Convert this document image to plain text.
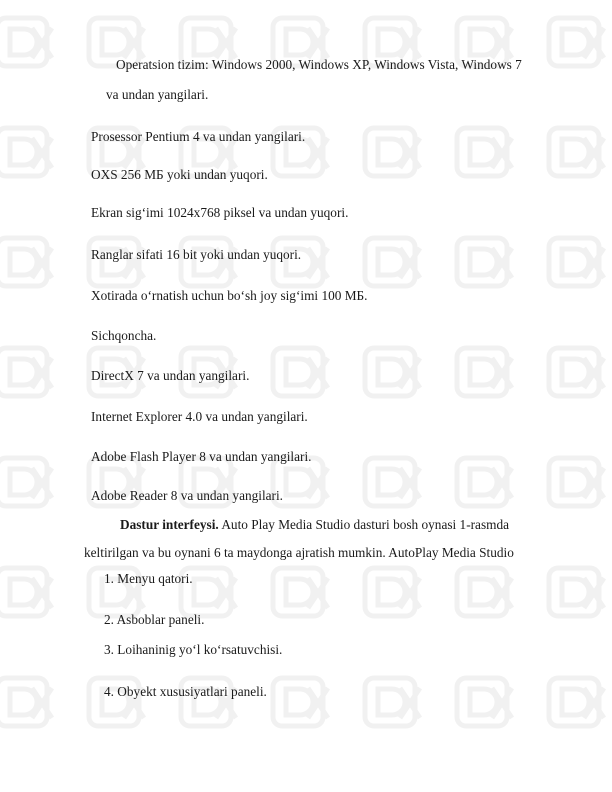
Operatsion tizim: Windows 2000, Windows XP, Windows Vista, Windows 7
va undan yangilari.
Prosessor Pentium 4 va undan yangilari.
OXS 256 MБ yoki undan yuqori.
Ekran sig‘imi 1024x768 piksel va undan yuqori.
Ranglar sifati 16 bit yoki undan yuqori.
Xotirada o‘rnatish uchun bo‘sh joy sig‘imi 100 MБ.
Sichqoncha.
DirectX 7 va undan yangilari.
Internet Explorer 4.0 va undan yangilari.
Adobe Flash Player 8 va undan yangilari.
Adobe Reader 8 va undan yangilari.
Dastur interfeysi. Auto Play Media Studio dasturi bosh oynasi 1-rasmda
keltirilgan va bu oynani 6 ta maydonga ajratish mumkin. AutoPlay Media Studio
1. Menyu qatori.
2. Asboblar paneli.
3. Loihaninig yo‘l ko‘rsatuvchisi.
4. Obyekt xususiyatlari paneli.
